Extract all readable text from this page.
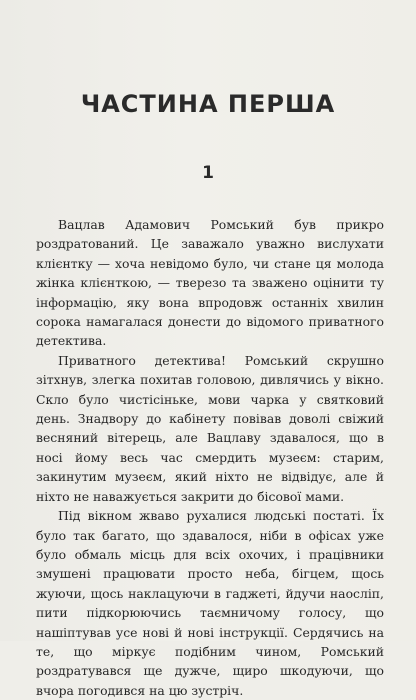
ЧАСТИНА ПЕРША
1

Вацлав Адамович Ромський був прикро роздратований. Це заважало уважно вислухати клієнтку — хоча невідомо було, чи стане ця молода жінка клієнткою, — тверезо та зважено оцінити ту інформацію, яку вона впродовж останніх хвилин сорока намагалася донести до відомого приватного детектива.

Приватного детектива! Ромський скрушно зітхнув, злегка похитав головою, дивлячись у вікно. Скло було чистісіньке, мови чарка у святковий день. Знадвору до кабінету повівав доволі свіжий весняний вітерець, але Вацлаву здавалося, що в носі йому весь час смердить музеєм: старим, закинутим музеєм, який ніхто не відвідує, але й ніхто не наважується закрити до бісової мами.

Під вікном жваво рухалися людські постаті. Їх було так багато, що здавалося, ніби в офісах уже було обмаль місць для всіх охочих, і працівники змушені працювати просто неба, бігцем, щось жуючи, щось наклацуючи в гаджеті, йдучи наосліп, пити підкорюючись таємничому голосу, що нашіптував усе нові й нові інструкції. Сердячись на те, що міркує подібним чином, Ромський роздратувався ще дужче, щиро шкодуючи, що вчора погодився на цю зустріч.
